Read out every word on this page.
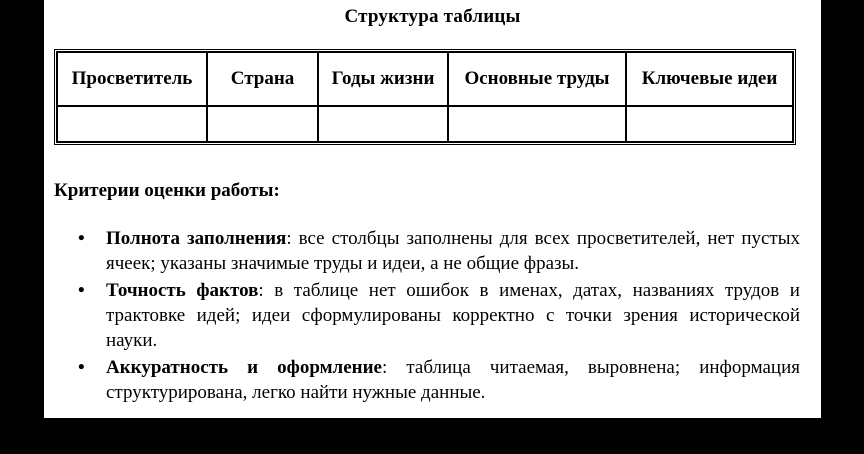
Структура таблицы
Просветитель	Страна	Годы жизни	Основные труды	Ключевые идеи

Критерии оценки работы:
• Полнота заполнения: все столбцы заполнены для всех просветителей, нет пустых ячеек; указаны значимые труды и идеи, а не общие фразы.
• Точность фактов: в таблице нет ошибок в именах, датах, названиях трудов и трактовке идей; идеи сформулированы корректно с точки зрения исторической науки.
• Аккуратность и оформление: таблица читаемая, выровнена; информация структурирована, легко найти нужные данные.
